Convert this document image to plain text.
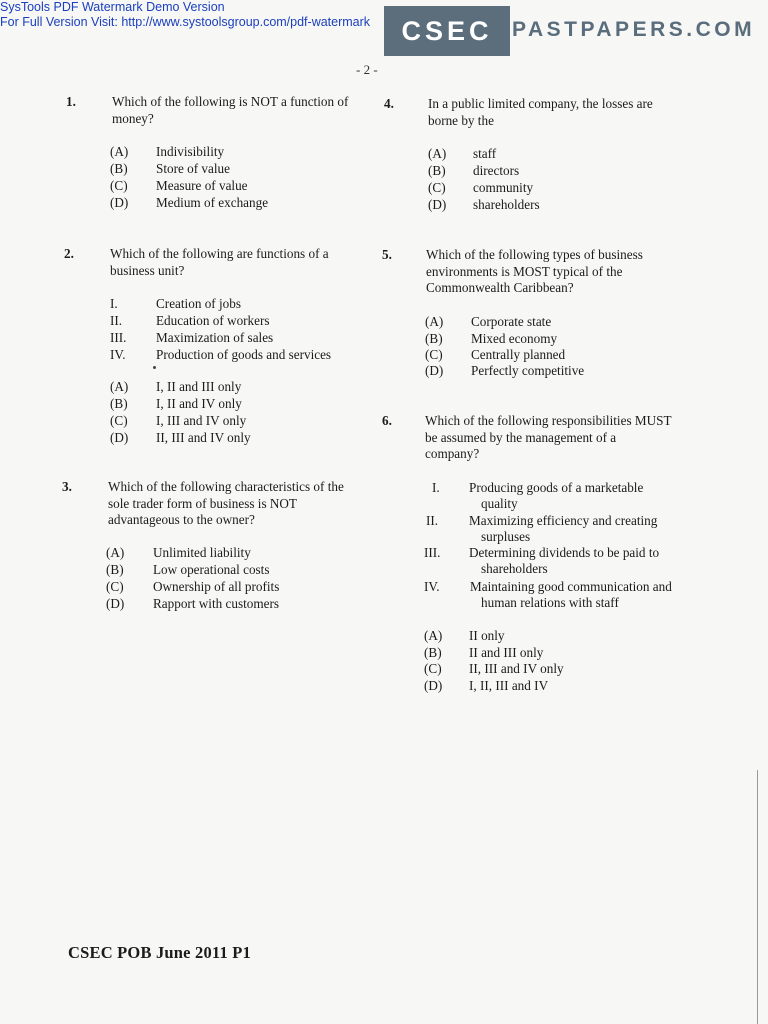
SysTools PDF Watermark Demo Version
For Full Version Visit: http://www.systoolsgroup.com/pdf-watermark	CSEC PASTPAPERS.COM
- 2 -
1.	Which of the following is NOT a function of
money?
(A) Indivisibility
(B) Store of value
(C) Measure of value
(D) Medium of exchange
2.	Which of the following are functions of a
business unit?
I.	Creation of jobs
II.	Education of workers
III. Maximization of sales
IV. Production of goods and services
(A) I, II and III only
(B) I, II and IV only
(C) I, III and IV only
(D) II, III and IV only
3.	Which of the following characteristics of the
sole trader form of business is NOT
advantageous to the owner?
(A) Unlimited liability
(B) Low operational costs
(C) Ownership of all profits
(D) Rapport with customers
4.	In a public limited company, the losses are
borne by the
(A) staff
(B) directors
(C) community
(D) shareholders
5.	Which of the following types of business
environments is MOST typical of the
Commonwealth Caribbean?
(A) Corporate state
(B) Mixed economy
(C) Centrally planned
(D) Perfectly competitive
6.	Which of the following responsibilities MUST
be assumed by the management of a
company?
I. Producing goods of a marketable
quality
II. Maximizing efficiency and creating
surpluses
III. Determining dividends to be paid to
shareholders
IV. Maintaining good communication and
human relations with staff
(A) II only
(B) II and III only
(C) II, III and IV only
(D) I, II, III and IV
CSEC POB June 2011 P1
